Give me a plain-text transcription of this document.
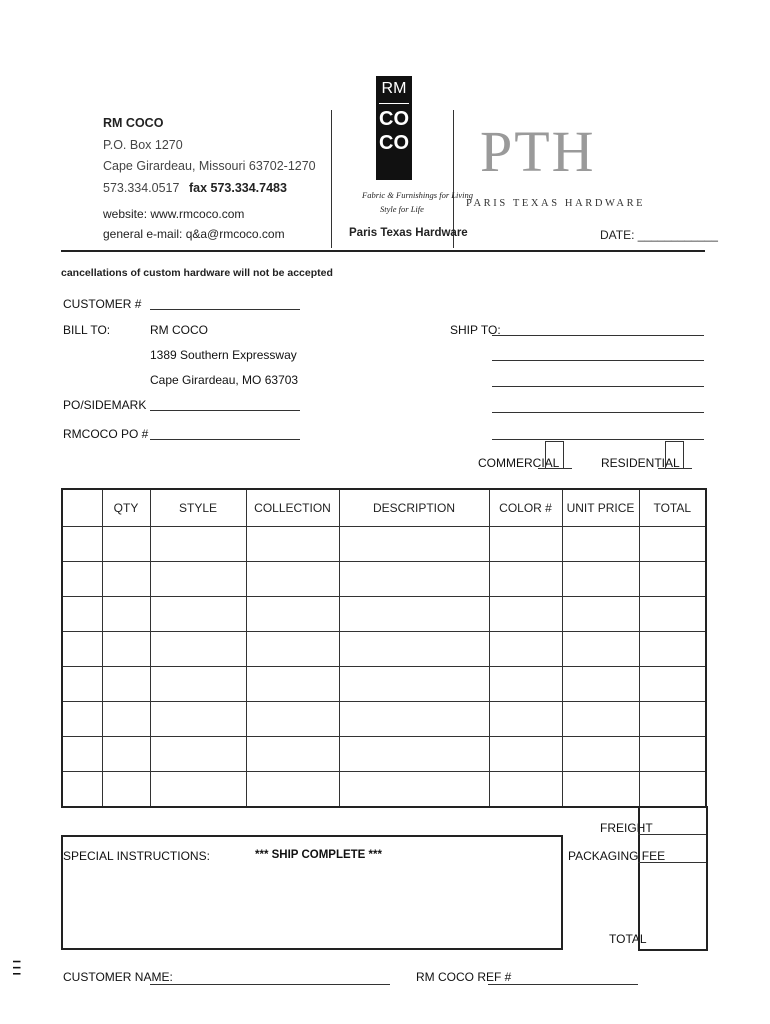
RM COCO
P.O. Box 1270
Cape Girardeau, Missouri 63702-1270
573.334.0517 fax 573.334.7483
website: www.rmcoco.com
general e-mail: q&a@rmcoco.com
RM
CO
CO
Fabric & Furnishings for Living
Style for Life
Paris Texas Hardware
PTH
PARIS TEXAS HARDWARE
DATE: ____________
cancellations of custom hardware will not be accepted
CUSTOMER #
BILL TO:	RM COCO
1389 Southern Expressway
Cape Girardeau, MO 63703
PO/SIDEMARK
RMCOCO PO #
SHIP TO:
COMMERCIAL	RESIDENTIAL
	QTY	STYLE	COLLECTION	DESCRIPTION	COLOR #	UNIT PRICE	TOTAL

FREIGHT
PACKAGING FEE
TOTAL
SPECIAL INSTRUCTIONS:	*** SHIP COMPLETE ***
CUSTOMER NAME:	RM COCO REF #
I I I
